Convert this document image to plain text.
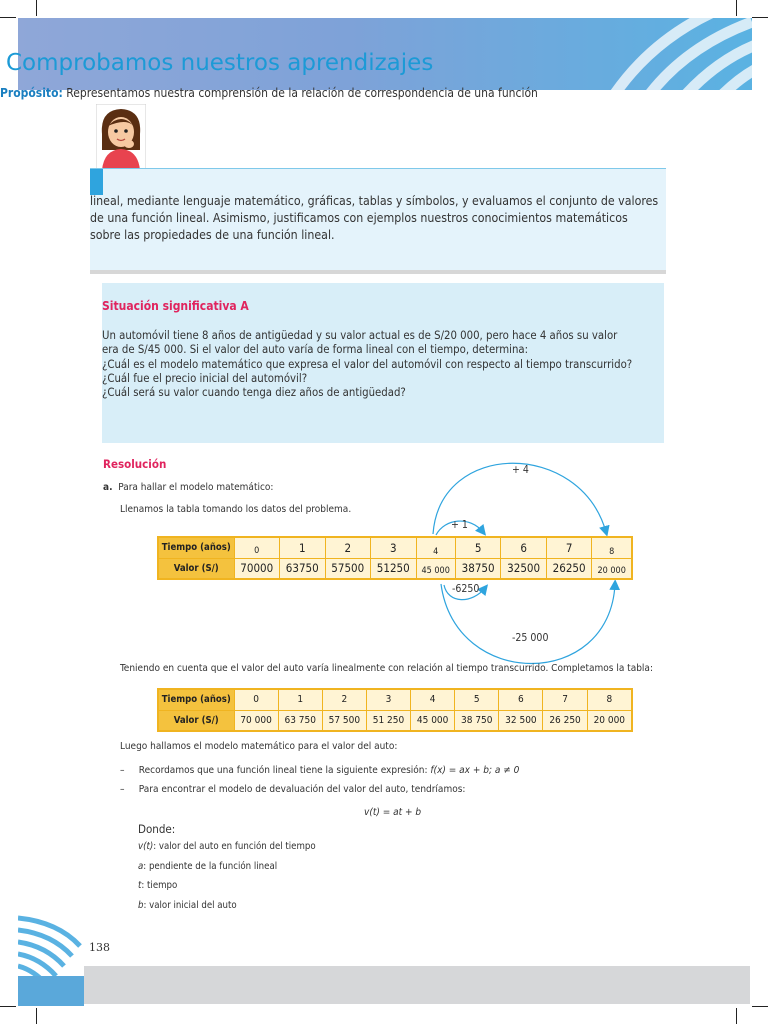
Comprobamos nuestros aprendizajes
Propósito: Representamos nuestra comprensión de la relación de correspondencia de una función
lineal, mediante lenguaje matemático, gráficas, tablas y símbolos, y evaluamos el conjunto de valores de una función lineal. Asimismo, justificamos con ejemplos nuestros conocimientos matemáticos sobre las propiedades de una función lineal.
Situación significativa A
Un automóvil tiene 8 años de antigüedad y su valor actual es de S/20 000, pero hace 4 años su valor
era de S/45 000. Si el valor del auto varía de forma lineal con el tiempo, determina:
¿Cuál es el modelo matemático que expresa el valor del automóvil con respecto al tiempo transcurrido?
¿Cuál fue el precio inicial del automóvil?
¿Cuál será su valor cuando tenga diez años de antigüedad?
Resolución
a. Para hallar el modelo matemático:
Llenamos la tabla tomando los datos del problema.
+ 4
+ 1
-6250
-25 000
Tiempo (años)	0	1	2	3	4	5	6	7	8
Valor (S/)	70000	63750	57500	51250	45 000	38750	32500	26250	20 000
Teniendo en cuenta que el valor del auto varía linealmente con relación al tiempo transcurrido. Completamos la tabla:
Tiempo (años)	0	1	2	3	4	5	6	7	8
Valor (S/)	70 000	63 750	57 500	51 250	45 000	38 750	32 500	26 250	20 000
Luego hallamos el modelo matemático para el valor del auto:
–     Recordamos que una función lineal tiene la siguiente expresión: f(x) = ax + b; a ≠ 0
–     Para encontrar el modelo de devaluación del valor del auto, tendríamos:
v(t) = at + b
Donde:
v(t): valor del auto en función del tiempo
a: pendiente de la función lineal
t: tiempo
b: valor inicial del auto
138
